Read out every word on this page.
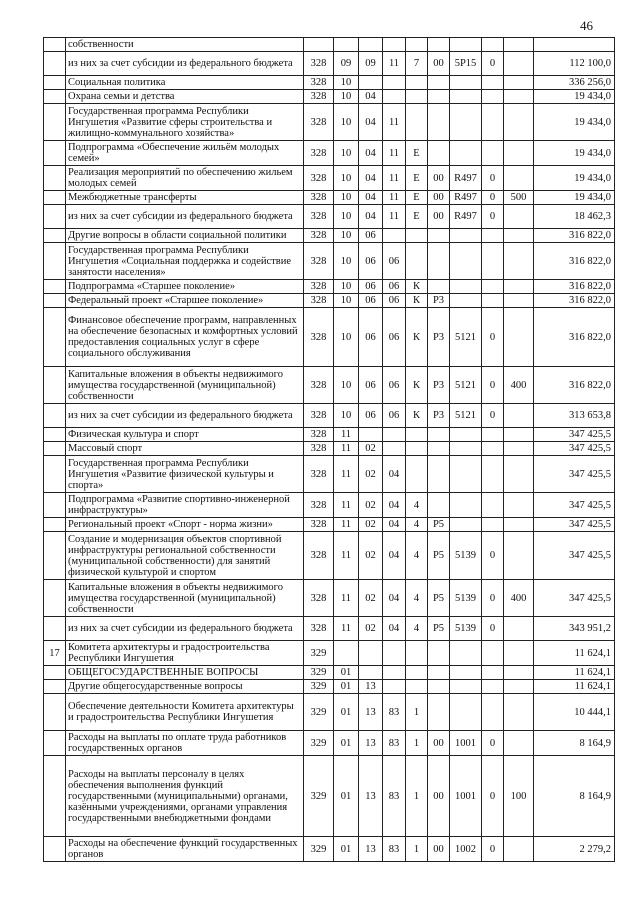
46
	собственности										
	из них за счет субсидии из федерального бюджета	328	09	09	11	7	00	5Р15	0		112 100,0
	Социальная политика	328	10								336 256,0
	Охрана семьи и детства	328	10	04							19 434,0
	Государственная программа Республики Ингушетия «Развитие сферы строительства и жилищно-коммунального хозяйства»	328	10	04	11						19 434,0
	Подпрограмма «Обеспечение жильём молодых семей»	328	10	04	11	Е					19 434,0
	Реализация мероприятий по обеспечению жильем молодых семей	328	10	04	11	Е	00	R497	0		19 434,0
	Межбюджетные трансферты	328	10	04	11	Е	00	R497	0	500	19 434,0
	из них за счет субсидии из федерального бюджета	328	10	04	11	Е	00	R497	0		18 462,3
	Другие вопросы в области социальной политики	328	10	06							316 822,0
	Государственная программа Республики Ингушетия «Социальная поддержка и содействие занятости населения»	328	10	06	06						316 822,0
	Подпрограмма «Старшее поколение»	328	10	06	06	К					316 822,0
	Федеральный проект «Старшее поколение»	328	10	06	06	К	Р3				316 822,0
	Финансовое обеспечение программ, направленных на обеспечение безопасных и комфортных условий предоставления социальных услуг в сфере социального обслуживания	328	10	06	06	К	Р3	5121	0		316 822,0
	Капитальные вложения в объекты недвижимого имущества государственной (муниципальной) собственности	328	10	06	06	К	Р3	5121	0	400	316 822,0
	из них за счет субсидии из федерального бюджета	328	10	06	06	К	Р3	5121	0		313 653,8
	Физическая культура и спорт	328	11								347 425,5
	Массовый спорт	328	11	02							347 425,5
	Государственная программа Республики Ингушетия «Развитие физической культуры и спорта»	328	11	02	04						347 425,5
	Подпрограмма «Развитие спортивно-инженерной инфраструктуры»	328	11	02	04	4					347 425,5
	Региональный проект «Спорт - норма жизни»	328	11	02	04	4	Р5				347 425,5
	Создание и модернизация объектов спортивной инфраструктуры региональной собственности (муниципальной собственности) для занятий физической культурой и спортом	328	11	02	04	4	Р5	5139	0		347 425,5
	Капитальные вложения в объекты недвижимого имущества государственной (муниципальной) собственности	328	11	02	04	4	Р5	5139	0	400	347 425,5
	из них за счет субсидии из федерального бюджета	328	11	02	04	4	Р5	5139	0		343 951,2
17	Комитета архитектуры и градостроительства Республики Ингушетия	329									11 624,1
	ОБЩЕГОСУДАРСТВЕННЫЕ ВОПРОСЫ	329	01								11 624,1
	Другие общегосударственные вопросы	329	01	13							11 624,1
	Обеспечение деятельности Комитета архитектуры и градостроительства Республики Ингушетия	329	01	13	83	1					10 444,1
	Расходы на выплаты по оплате труда работников государственных органов	329	01	13	83	1	00	1001	0		8 164,9
	Расходы на выплаты персоналу в целях обеспечения выполнения функций государственными (муниципальными) органами, казёнными учреждениями, органами управления государственными внебюджетными фондами	329	01	13	83	1	00	1001	0	100	8 164,9
	Расходы на обеспечение функций государственных органов	329	01	13	83	1	00	1002	0		2 279,2
